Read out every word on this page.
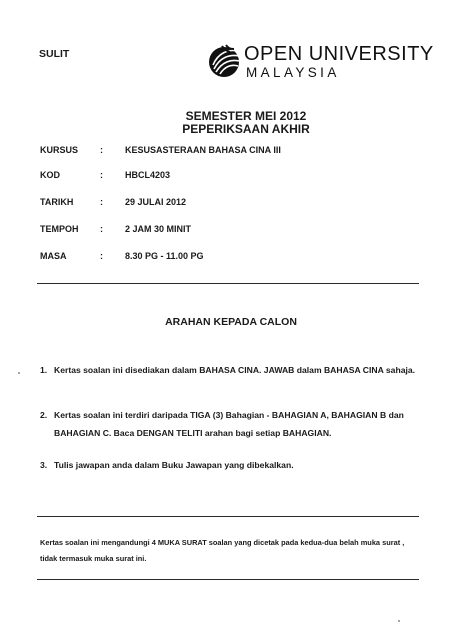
SULIT	OPEN UNIVERSITY
MALAYSIA
SEMESTER MEI 2012
PEPERIKSAAN AKHIR
KURSUS : KESUSASTERAAN BAHASA CINA III
KOD	: HBCL4203
TARIKH	: 29 JULAI 2012
TEMPOH : 2 JAM 30 MINIT
MASA	: 8.30 PG - 11.00 PG
ARAHAN KEPADA CALON
1. Kertas soalan ini disediakan dalam BAHASA CINA. JAWAB dalam BAHASA CINA sahaja.
2. Kertas soalan ini terdiri daripada TIGA (3) Bahagian - BAHAGIAN A, BAHAGIAN B dan BAHAGIAN C. Baca DENGAN TELITI arahan bagi setiap BAHAGIAN.
3. Tulis jawapan anda dalam Buku Jawapan yang dibekalkan.
Kertas soalan ini mengandungi 4 MUKA SURAT soalan yang dicetak pada kedua-dua belah muka surat , tidak termasuk muka surat ini.
